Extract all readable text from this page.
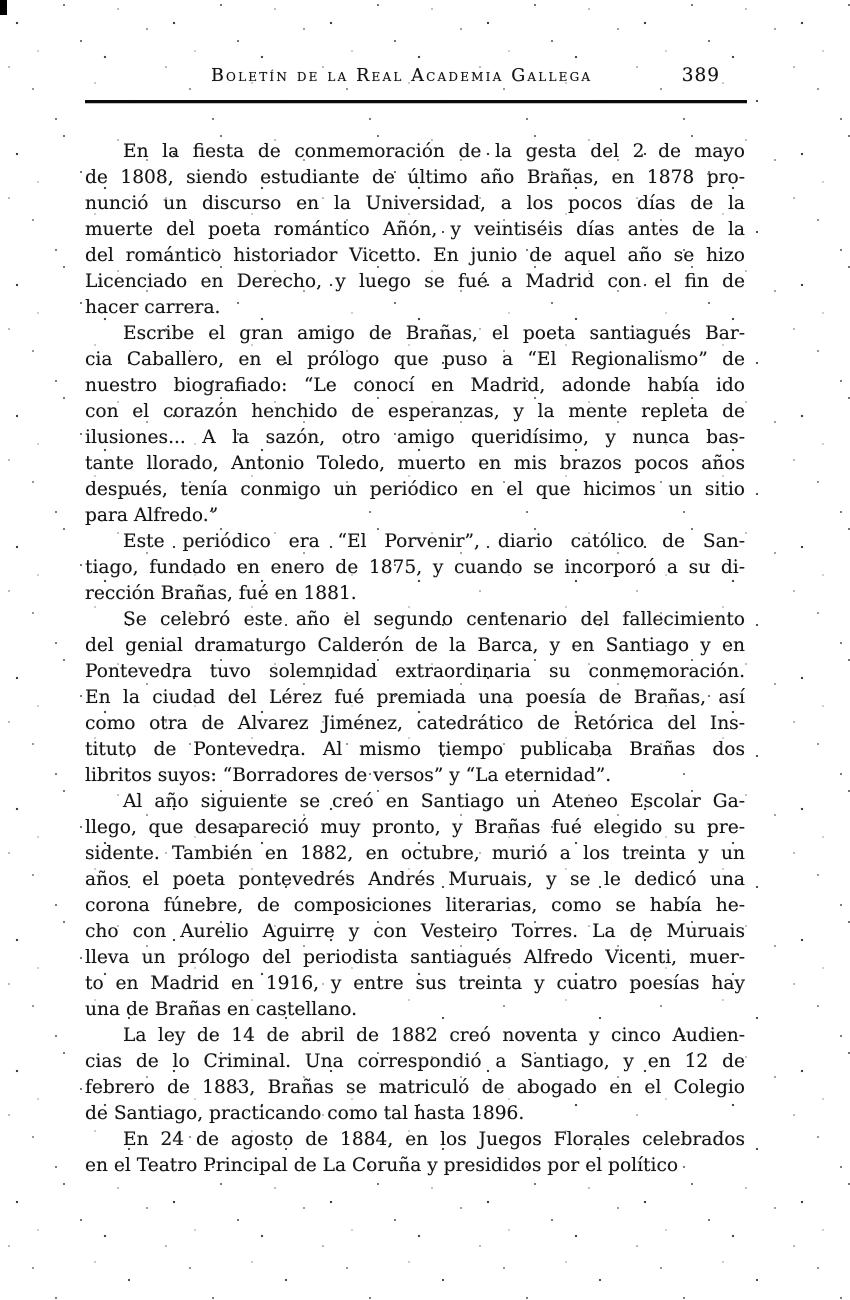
Boletín de la Real Academia Gallega	389
En la fiesta de conmemoración de la gesta del 2 de mayo
de 1808, siendo estudiante de último año Brañas, en 1878 pro-
nunció un discurso en la Universidad, a los pocos días de la
muerte del poeta romántico Añón, y veintiséis días antes de la
del romántico historiador Vicetto. En junio de aquel año se hizo
Licenciado en Derecho, y luego se fué a Madrid con el fin de
hacer carrera.
Escribe el gran amigo de Brañas, el poeta santiagués Bar-
cia Caballero, en el prólogo que puso a “El Regionalismo” de
nuestro biografiado: “Le conocí en Madrid, adonde había ido
con el corazón henchido de esperanzas, y la mente repleta de
ilusiones... A la sazón, otro amigo queridísimo, y nunca bas-
tante llorado, Antonio Toledo, muerto en mis brazos pocos años
después, tenía conmigo un periódico en el que hicimos un sitio
para Alfredo.”
Este periódico era “El Porvenir”, diario católico de San-
tiago, fundado en enero de 1875, y cuando se incorporó a su di-
rección Brañas, fué en 1881.
Se celebró este año el segundo centenario del fallecimiento
del genial dramaturgo Calderón de la Barca, y en Santiago y en
Pontevedra tuvo solemnidad extraordinaria su conmemoración.
En la ciudad del Lérez fué premiada una poesía de Brañas, así
como otra de Alvarez Jiménez, catedrático de Retórica del Ins-
tituto de Pontevedra. Al mismo tiempo publicaba Brañas dos
libritos suyos: “Borradores de versos” y “La eternidad”.
Al año siguiente se creó en Santiago un Ateneo Escolar Ga-
llego, que desapareció muy pronto, y Brañas fué elegido su pre-
sidente. También en 1882, en octubre, murió a los treinta y un
años el poeta pontevedrés Andrés Muruais, y se le dedicó una
corona fúnebre, de composiciones literarias, como se había he-
cho con Aurelio Aguirre y con Vesteiro Torres. La de Muruais
lleva un prólogo del periodista santiagués Alfredo Vicenti, muer-
to en Madrid en 1916, y entre sus treinta y cuatro poesías hay
una de Brañas en castellano.
La ley de 14 de abril de 1882 creó noventa y cinco Audien-
cias de lo Criminal. Una correspondió a Santiago, y en 12 de
febrero de 1883, Brañas se matriculó de abogado en el Colegio
de Santiago, practicando como tal hasta 1896.
En 24 de agosto de 1884, en los Juegos Florales celebrados
en el Teatro Principal de La Coruña y presididos por el político
